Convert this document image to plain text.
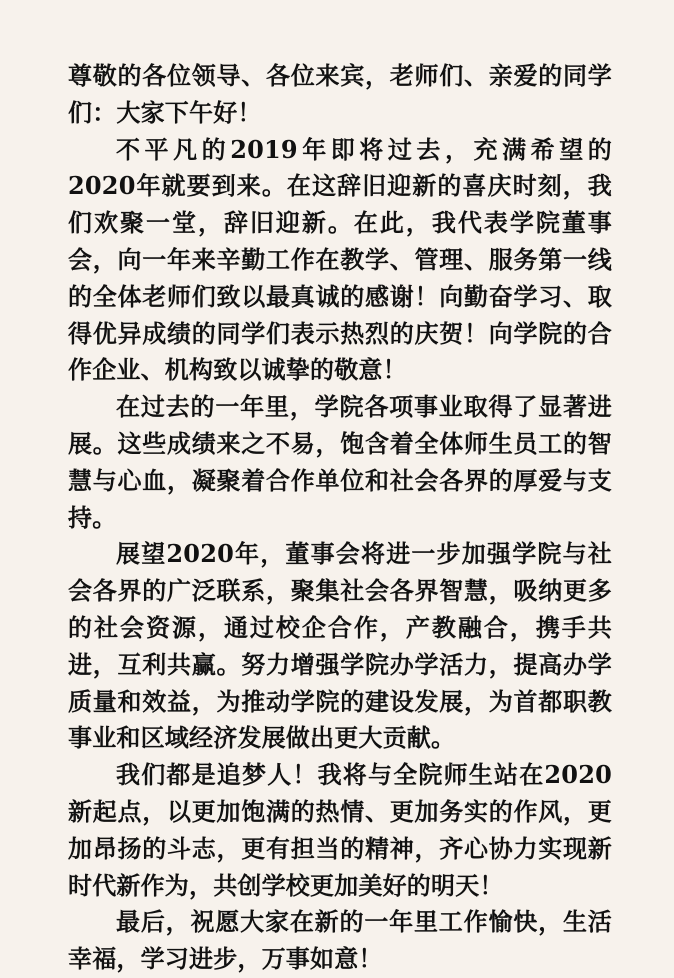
尊敬的各位领导、各位来宾，老师们、亲爱的同学们：大家下午好！

不平凡的2019年即将过去，充满希望的2020年就要到来。在这辞旧迎新的喜庆时刻，我们欢聚一堂，辞旧迎新。在此，我代表学院董事会，向一年来辛勤工作在教学、管理、服务第一线的全体老师们致以最真诚的感谢！向勤奋学习、取得优异成绩的同学们表示热烈的庆贺！向学院的合作企业、机构致以诚挚的敬意！

在过去的一年里，学院各项事业取得了显著进展。这些成绩来之不易，饱含着全体师生员工的智慧与心血，凝聚着合作单位和社会各界的厚爱与支持。

展望2020年，董事会将进一步加强学院与社会各界的广泛联系，聚集社会各界智慧，吸纳更多的社会资源，通过校企合作，产教融合，携手共进，互利共赢。努力增强学院办学活力，提高办学质量和效益，为推动学院的建设发展，为首都职教事业和区域经济发展做出更大贡献。

我们都是追梦人！我将与全院师生站在2020新起点，以更加饱满的热情、更加务实的作风，更加昂扬的斗志，更有担当的精神，齐心协力实现新时代新作为，共创学校更加美好的明天！

最后，祝愿大家在新的一年里工作愉快，生活幸福，学习进步，万事如意！
